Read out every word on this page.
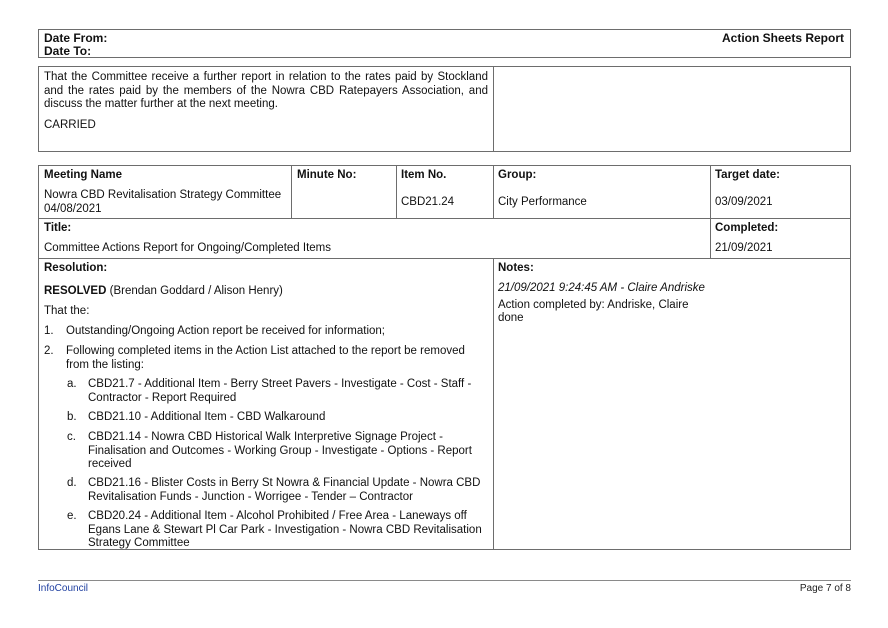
Date From:
Date To:
Action Sheets Report
That the Committee receive a further report in relation to the rates paid by Stockland and the rates paid by the members of the Nowra CBD Ratepayers Association, and discuss the matter further at the next meeting.
CARRIED
Meeting Name
Nowra CBD Revitalisation Strategy Committee
04/08/2021
Minute No:	Item No.
CBD21.24
Group:
City Performance
Target date:
03/09/2021
Title:
Committee Actions Report for Ongoing/Completed Items
Completed:
21/09/2021
Resolution:
RESOLVED (Brendan Goddard / Alison Henry)
That the:
1. Outstanding/Ongoing Action report be received for information;
2. Following completed items in the Action List attached to the report be removed from the listing:
a. CBD21.7 - Additional Item - Berry Street Pavers - Investigate - Cost - Staff - Contractor - Report Required
b. CBD21.10 - Additional Item - CBD Walkaround
c. CBD21.14 - Nowra CBD Historical Walk Interpretive Signage Project - Finalisation and Outcomes - Working Group - Investigate - Options - Report received
d. CBD21.16 - Blister Costs in Berry St Nowra & Financial Update - Nowra CBD Revitalisation Funds - Junction - Worrigee - Tender – Contractor
e. CBD20.24 - Additional Item - Alcohol Prohibited / Free Area - Laneways off Egans Lane & Stewart Pl Car Park - Investigation - Nowra CBD Revitalisation Strategy Committee
Notes:
21/09/2021 9:24:45 AM - Claire Andriske
Action completed by: Andriske, Claire
done
InfoCouncil	Page 7 of 8
